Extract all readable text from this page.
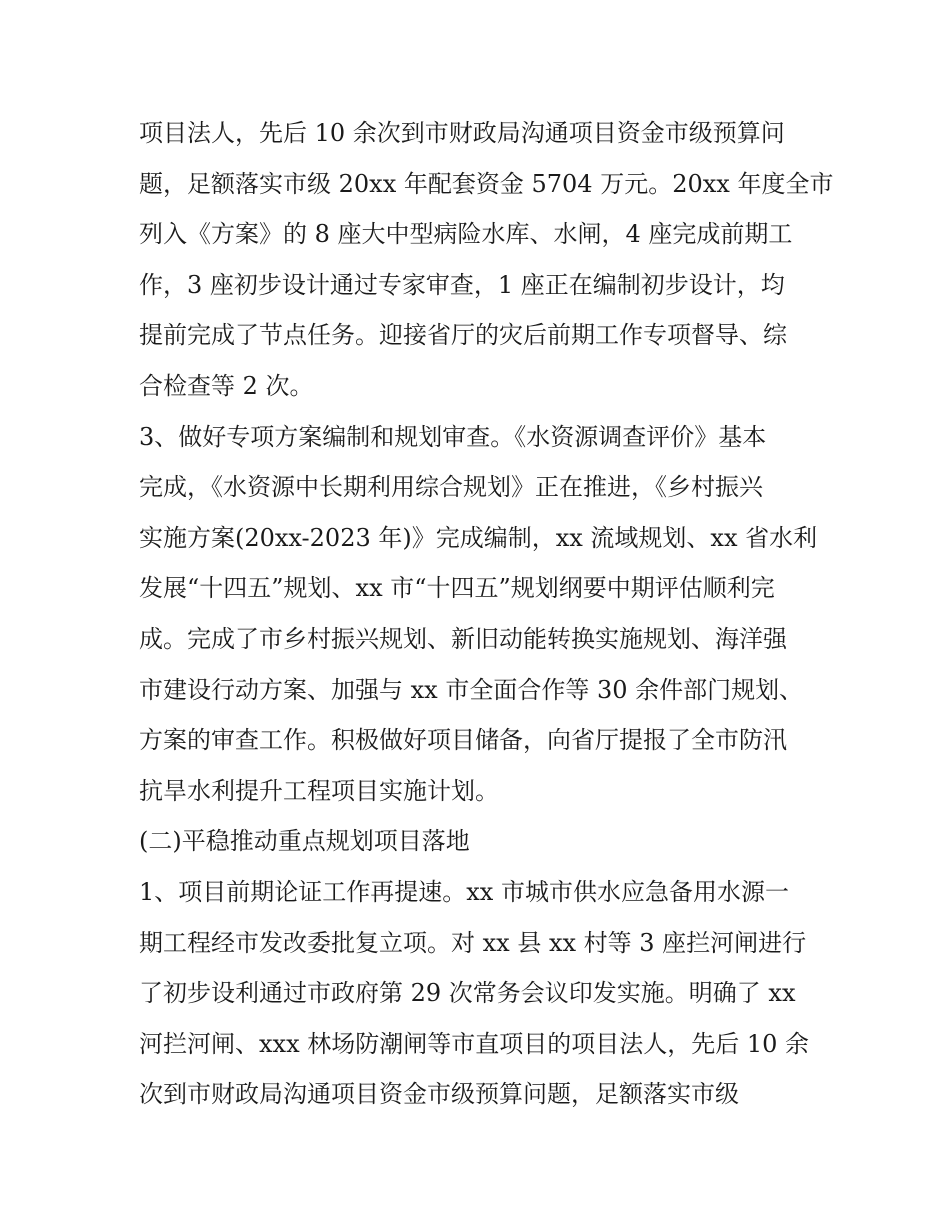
项目法人，先后 10 余次到市财政局沟通项目资金市级预算问
题，足额落实市级 20xx 年配套资金 5704 万元。20xx 年度全市
列入《方案》的 8 座大中型病险水库、水闸，4 座完成前期工
作，3 座初步设计通过专家审查，1 座正在编制初步设计，均
提前完成了节点任务。迎接省厅的灾后前期工作专项督导、综
合检查等 2 次。
3、做好专项方案编制和规划审查。《水资源调查评价》基本
完成，《水资源中长期利用综合规划》正在推进，《乡村振兴
实施方案(20xx-2023 年)》完成编制，xx 流域规划、xx 省水利
发展“十四五”规划、xx 市“十四五”规划纲要中期评估顺利完
成。完成了市乡村振兴规划、新旧动能转换实施规划、海洋强
市建设行动方案、加强与 xx 市全面合作等 30 余件部门规划、
方案的审查工作。积极做好项目储备，向省厅提报了全市防汛
抗旱水利提升工程项目实施计划。
(二)平稳推动重点规划项目落地
1、项目前期论证工作再提速。xx 市城市供水应急备用水源一
期工程经市发改委批复立项。对 xx 县 xx 村等 3 座拦河闸进行
了初步设利通过市政府第 29 次常务会议印发实施。明确了 xx
河拦河闸、xxx 林场防潮闸等市直项目的项目法人，先后 10 余
次到市财政局沟通项目资金市级预算问题，足额落实市级
